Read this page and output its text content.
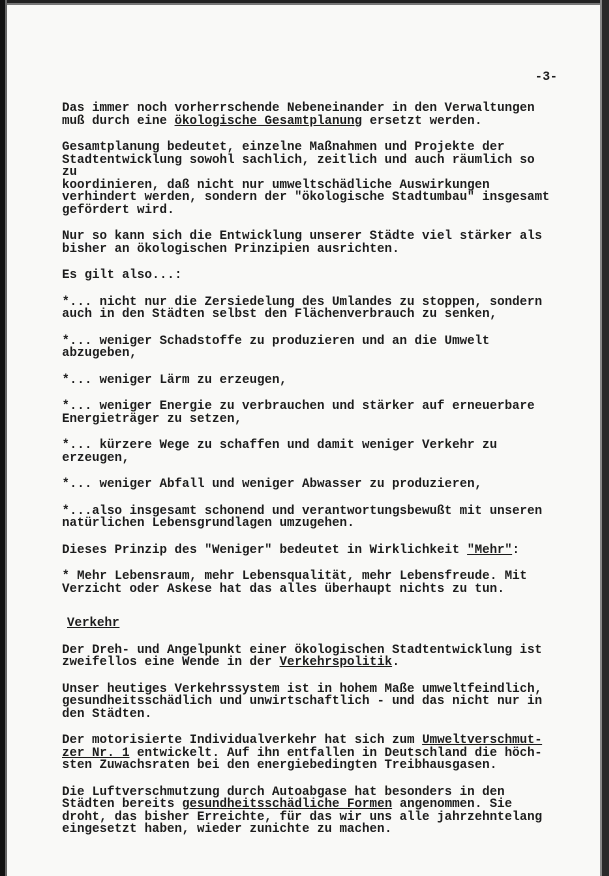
-3-
Das immer noch vorherrschende Nebeneinander in den Verwaltungen
muß durch eine ökologische Gesamtplanung ersetzt werden.
Gesamtplanung bedeutet, einzelne Maßnahmen und Projekte der
Stadtentwicklung sowohl sachlich, zeitlich und auch räumlich so zu
koordinieren, daß nicht nur umweltschädliche Auswirkungen
verhindert werden, sondern der "ökologische Stadtumbau" insgesamt
gefördert wird.
Nur so kann sich die Entwicklung unserer Städte viel stärker als
bisher an ökologischen Prinzipien ausrichten.
Es gilt also...:
*... nicht nur die Zersiedelung des Umlandes zu stoppen, sondern
auch in den Städten selbst den Flächenverbrauch zu senken,
*... weniger Schadstoffe zu produzieren und an die Umwelt
abzugeben,
*... weniger Lärm zu erzeugen,
*... weniger Energie zu verbrauchen und stärker auf erneuerbare
Energieträger zu setzen,
*... kürzere Wege zu schaffen und damit weniger Verkehr zu
erzeugen,
*... weniger Abfall und weniger Abwasser zu produzieren,
*...also insgesamt schonend und verantwortungsbewußt mit unseren
natürlichen Lebensgrundlagen umzugehen.
Dieses Prinzip des "Weniger" bedeutet in Wirklichkeit "Mehr":
* Mehr Lebensraum, mehr Lebensqualität, mehr Lebensfreude. Mit
Verzicht oder Askese hat das alles überhaupt nichts zu tun.
Verkehr
Der Dreh- und Angelpunkt einer ökologischen Stadtentwicklung ist
zweifellos eine Wende in der Verkehrspolitik.
Unser heutiges Verkehrssystem ist in hohem Maße umweltfeindlich,
gesundheitsschädlich und unwirtschaftlich - und das nicht nur in
den Städten.
Der motorisierte Individualverkehr hat sich zum Umweltverschmut-
zer Nr. 1 entwickelt. Auf ihn entfallen in Deutschland die höch-
sten Zuwachsraten bei den energiebedingten Treibhausgasen.
Die Luftverschmutzung durch Autoabgase hat besonders in den
Städten bereits gesundheitsschädliche Formen angenommen. Sie
droht, das bisher Erreichte, für das wir uns alle jahrzehntelang
eingesetzt haben, wieder zunichte zu machen.
